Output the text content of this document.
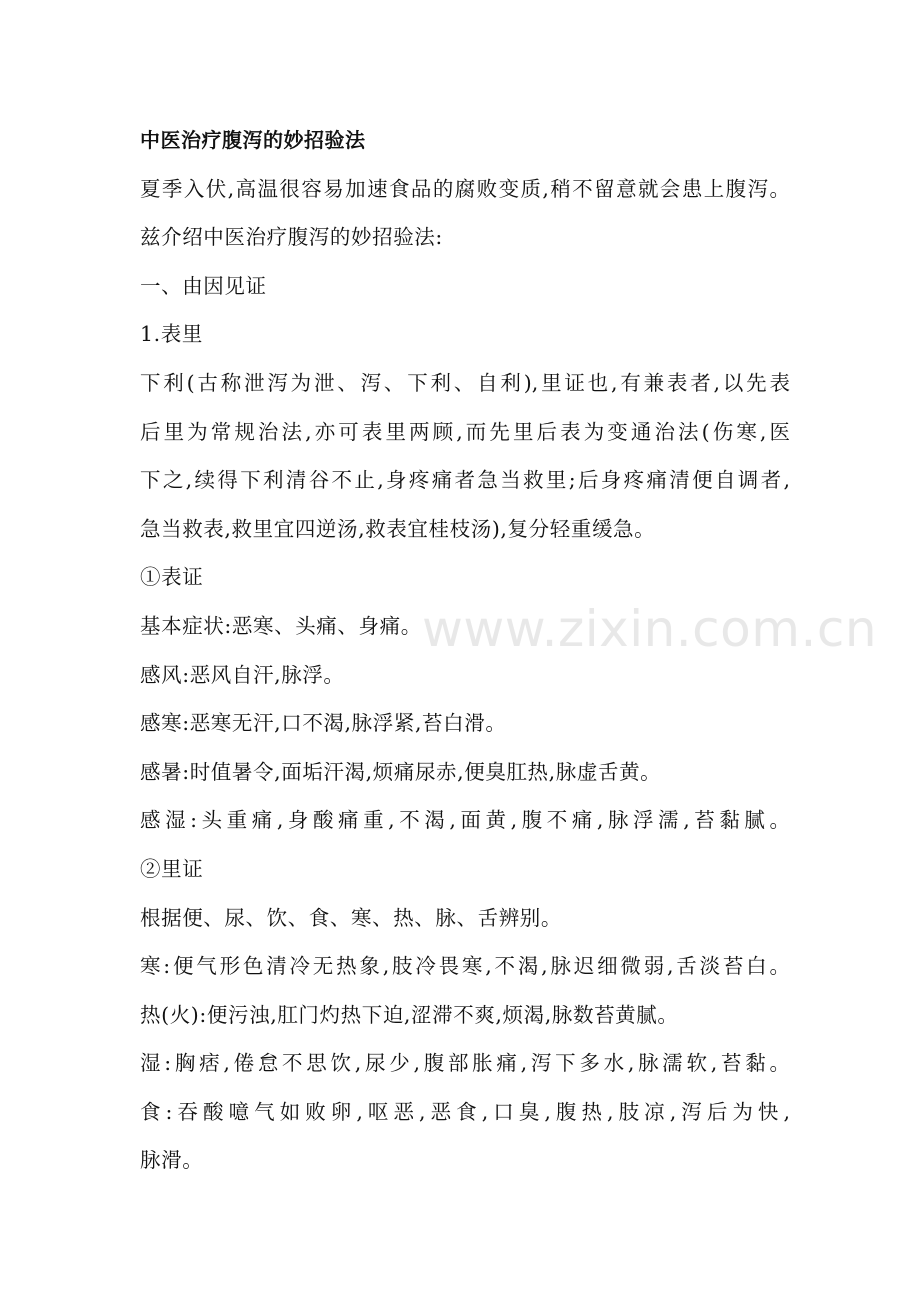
www.zixin.com.cn
中医治疗腹泻的妙招验法
夏季入伏,高温很容易加速食品的腐败变质,稍不留意就会患上腹泻。
兹介绍中医治疗腹泻的妙招验法:
一、由因见证
1.表里
下利(古称泄泻为泄、泻、下利、自利),里证也,有兼表者,以先表
后里为常规治法,亦可表里两顾,而先里后表为变通治法(伤寒,医
下之,续得下利清谷不止,身疼痛者急当救里;后身疼痛清便自调者,
急当救表,救里宜四逆汤,救表宜桂枝汤),复分轻重缓急。
①表证
基本症状:恶寒、头痛、身痛。
感风:恶风自汗,脉浮。
感寒:恶寒无汗,口不渴,脉浮紧,苔白滑。
感暑:时值暑令,面垢汗渴,烦痛尿赤,便臭肛热,脉虚舌黄。
感湿:头重痛,身酸痛重,不渴,面黄,腹不痛,脉浮濡,苔黏腻。
②里证
根据便、尿、饮、食、寒、热、脉、舌辨别。
寒:便气形色清冷无热象,肢冷畏寒,不渴,脉迟细微弱,舌淡苔白。
热(火):便污浊,肛门灼热下迫,涩滞不爽,烦渴,脉数苔黄腻。
湿:胸痞,倦怠不思饮,尿少,腹部胀痛,泻下多水,脉濡软,苔黏。
食:吞酸噫气如败卵,呕恶,恶食,口臭,腹热,肢凉,泻后为快,
脉滑。
